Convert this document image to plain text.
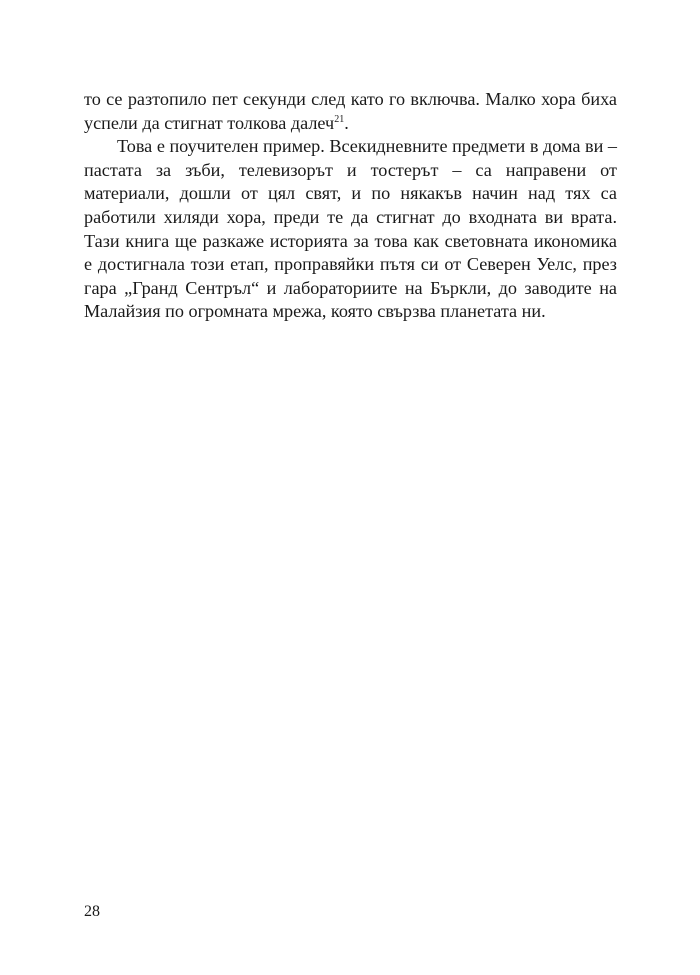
то се разтопило пет секунди след като го включва. Малко хора биха успели да стигнат толкова далеч$^{21}$.

Това е поучителен пример. Всекидневните предмети в дома ви – пастата за зъби, телевизорът и тостерът – са направени от материали, дошли от цял свят, и по някакъв начин над тях са работили хиляди хора, преди те да стигнат до входната ви врата. Тази книга ще разкаже историята за това как световната икономика е достигнала този етап, проправяйки пътя си от Северен Уелс, през гара „Гранд Сентръл“ и лабораториите на Бъркли, до заводите на Малайзия по огромната мрежа, която свързва планетата ни.

28
